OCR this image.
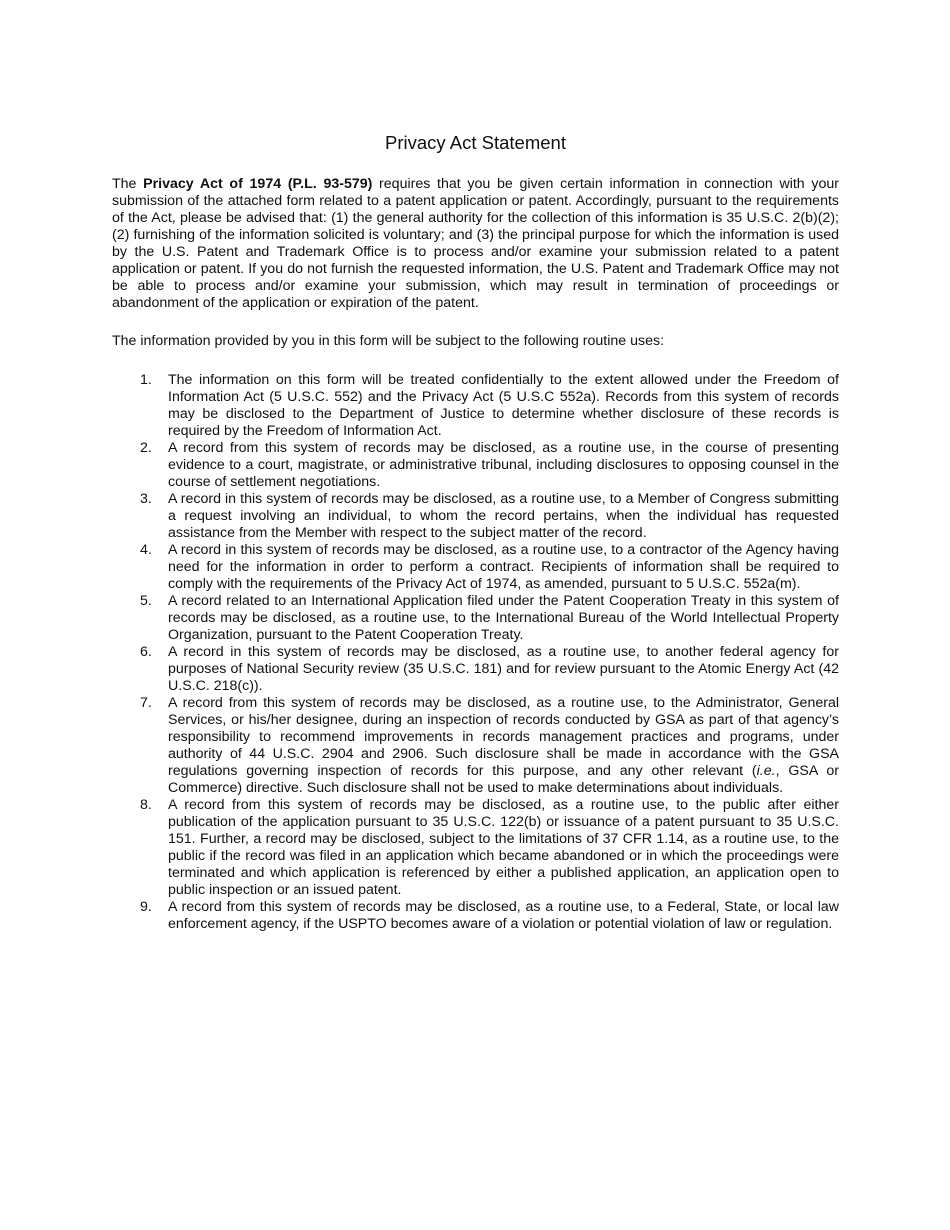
Privacy Act Statement

The Privacy Act of 1974 (P.L. 93-579) requires that you be given certain information in connection with your submission of the attached form related to a patent application or patent. Accordingly, pursuant to the requirements of the Act, please be advised that: (1) the general authority for the collection of this information is 35 U.S.C. 2(b)(2); (2) furnishing of the information solicited is voluntary; and (3) the principal purpose for which the information is used by the U.S. Patent and Trademark Office is to process and/or examine your submission related to a patent application or patent. If you do not furnish the requested information, the U.S. Patent and Trademark Office may not be able to process and/or examine your submission, which may result in termination of proceedings or abandonment of the application or expiration of the patent.

The information provided by you in this form will be subject to the following routine uses:

1. The information on this form will be treated confidentially to the extent allowed under the Freedom of Information Act (5 U.S.C. 552) and the Privacy Act (5 U.S.C 552a). Records from this system of records may be disclosed to the Department of Justice to determine whether disclosure of these records is required by the Freedom of Information Act.
2. A record from this system of records may be disclosed, as a routine use, in the course of presenting evidence to a court, magistrate, or administrative tribunal, including disclosures to opposing counsel in the course of settlement negotiations.
3. A record in this system of records may be disclosed, as a routine use, to a Member of Congress submitting a request involving an individual, to whom the record pertains, when the individual has requested assistance from the Member with respect to the subject matter of the record.
4. A record in this system of records may be disclosed, as a routine use, to a contractor of the Agency having need for the information in order to perform a contract. Recipients of information shall be required to comply with the requirements of the Privacy Act of 1974, as amended, pursuant to 5 U.S.C. 552a(m).
5. A record related to an International Application filed under the Patent Cooperation Treaty in this system of records may be disclosed, as a routine use, to the International Bureau of the World Intellectual Property Organization, pursuant to the Patent Cooperation Treaty.
6. A record in this system of records may be disclosed, as a routine use, to another federal agency for purposes of National Security review (35 U.S.C. 181) and for review pursuant to the Atomic Energy Act (42 U.S.C. 218(c)).
7. A record from this system of records may be disclosed, as a routine use, to the Administrator, General Services, or his/her designee, during an inspection of records conducted by GSA as part of that agency’s responsibility to recommend improvements in records management practices and programs, under authority of 44 U.S.C. 2904 and 2906. Such disclosure shall be made in accordance with the GSA regulations governing inspection of records for this purpose, and any other relevant (i.e., GSA or Commerce) directive. Such disclosure shall not be used to make determinations about individuals.
8. A record from this system of records may be disclosed, as a routine use, to the public after either publication of the application pursuant to 35 U.S.C. 122(b) or issuance of a patent pursuant to 35 U.S.C. 151. Further, a record may be disclosed, subject to the limitations of 37 CFR 1.14, as a routine use, to the public if the record was filed in an application which became abandoned or in which the proceedings were terminated and which application is referenced by either a published application, an application open to public inspection or an issued patent.
9. A record from this system of records may be disclosed, as a routine use, to a Federal, State, or local law enforcement agency, if the USPTO becomes aware of a violation or potential violation of law or regulation.
